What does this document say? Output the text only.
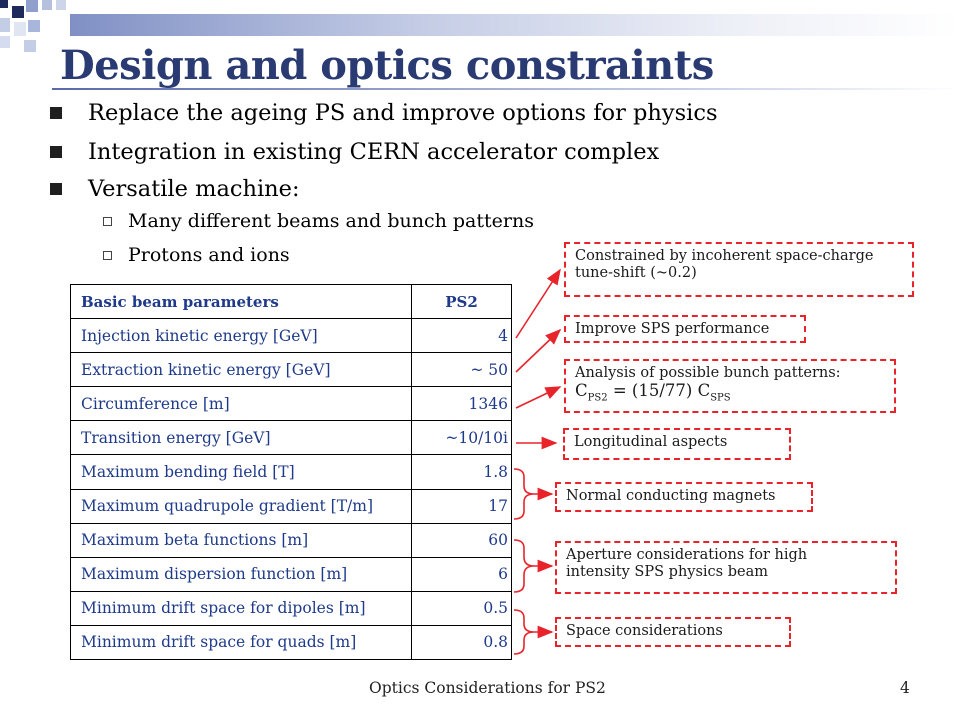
Design and optics constraints
Replace the ageing PS and improve options for physics
Integration in existing CERN accelerator complex
Versatile machine:
Many different beams and bunch patterns
Protons and ions
Basic beam parameters	PS2
Injection kinetic energy [GeV]	4
Extraction kinetic energy [GeV]	~ 50
Circumference [m]	1346
Transition energy [GeV]	~10/10i
Maximum bending field [T]	1.8
Maximum quadrupole gradient [T/m]	17
Maximum beta functions [m]	60
Maximum dispersion function [m]	6
Minimum drift space for dipoles [m]	0.5
Minimum drift space for quads [m]	0.8
Constrained by incoherent space-charge
tune-shift (~0.2)
Improve SPS performance
Analysis of possible bunch patterns:
$C_{PS2} = (15/77)$ $C_{SPS}$
Longitudinal aspects
Normal conducting magnets
Aperture considerations for high
intensity SPS physics beam
Space considerations
Optics Considerations for PS2	4
